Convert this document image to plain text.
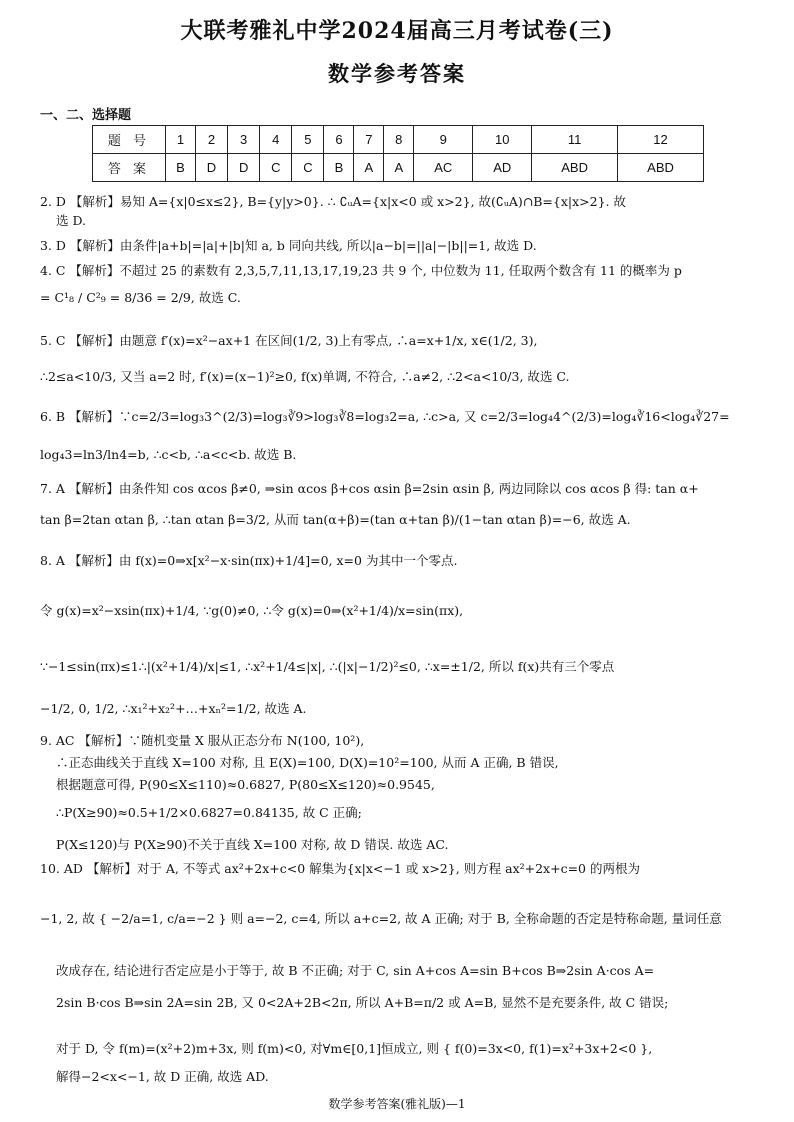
大联考雅礼中学2024届高三月考试卷(三)
数学参考答案
一、二、选择题
题 号	1	2	3	4	5	6	7	8	9	10	11	12
答 案	B	D	D	C	C	B	A	A	AC	AD	ABD	ABD
2. D 【解析】易知 A={x|0≤x≤2}, B={y|y>0}. ∴ ∁ᵤA={x|x<0 或 x>2}, 故(∁ᵤA)∩B={x|x>2}. 故
选 D.
3. D 【解析】由条件|a+b|=|a|+|b|知 a, b 同向共线, 所以|a−b|=||a|−|b||=1, 故选 D.
4. C 【解析】不超过 25 的素数有 2,3,5,7,11,13,17,19,23 共 9 个, 中位数为 11, 任取两个数含有 11 的概率为 p
= C¹₈ / C²₉ = 8/36 = 2/9, 故选 C.
5. C 【解析】由题意 f′(x)=x²−ax+1 在区间(1/2, 3)上有零点, ∴a=x+1/x, x∈(1/2, 3),
∴2≤a<10/3, 又当 a=2 时, f′(x)=(x−1)²≥0, f(x)单调, 不符合, ∴a≠2, ∴2<a<10/3, 故选 C.
6. B 【解析】∵c=2/3=log₃3^(2/3)=log₃∛9>log₃∛8=log₃2=a, ∴c>a, 又 c=2/3=log₄4^(2/3)=log₄∛16<log₄∛27=
log₄3=ln3/ln4=b, ∴c<b, ∴a<c<b. 故选 B.
7. A 【解析】由条件知 cos αcos β≠0, ⇒sin αcos β+cos αsin β=2sin αsin β, 两边同除以 cos αcos β 得: tan α+
tan β=2tan αtan β, ∴tan αtan β=3/2, 从而 tan(α+β)=(tan α+tan β)/(1−tan αtan β)=−6, 故选 A.
8. A 【解析】由 f(x)=0⇒x[x²−x·sin(πx)+1/4]=0, x=0 为其中一个零点.
令 g(x)=x²−xsin(πx)+1/4, ∵g(0)≠0, ∴令 g(x)=0⇒(x²+1/4)/x=sin(πx),
∵−1≤sin(πx)≤1∴|(x²+1/4)/x|≤1, ∴x²+1/4≤|x|, ∴(|x|−1/2)²≤0, ∴x=±1/2, 所以 f(x)共有三个零点
−1/2, 0, 1/2, ∴x₁²+x₂²+…+xₙ²=1/2, 故选 A.
9. AC 【解析】∵随机变量 X 服从正态分布 N(100, 10²),
∴正态曲线关于直线 X=100 对称, 且 E(X)=100, D(X)=10²=100, 从而 A 正确, B 错误,
根据题意可得, P(90≤X≤110)≈0.6827, P(80≤X≤120)≈0.9545,
∴P(X≥90)≈0.5+1/2×0.6827=0.84135, 故 C 正确;
P(X≤120)与 P(X≥90)不关于直线 X=100 对称, 故 D 错误. 故选 AC.
10. AD 【解析】对于 A, 不等式 ax²+2x+c<0 解集为{x|x<−1 或 x>2}, 则方程 ax²+2x+c=0 的两根为
−1, 2, 故 { −2/a=1, c/a=−2 } 则 a=−2, c=4, 所以 a+c=2, 故 A 正确; 对于 B, 全称命题的否定是特称命题, 量词任意
改成存在, 结论进行否定应是小于等于, 故 B 不正确; 对于 C, sin A+cos A=sin B+cos B⇒2sin A·cos A=
2sin B·cos B⇒sin 2A=sin 2B, 又 0<2A+2B<2π, 所以 A+B=π/2 或 A=B, 显然不是充要条件, 故 C 错误;
对于 D, 令 f(m)=(x²+2)m+3x, 则 f(m)<0, 对∀m∈[0,1]恒成立, 则 { f(0)=3x<0, f(1)=x²+3x+2<0 },
解得−2<x<−1, 故 D 正确, 故选 AD.
数学参考答案(雅礼版)—1
